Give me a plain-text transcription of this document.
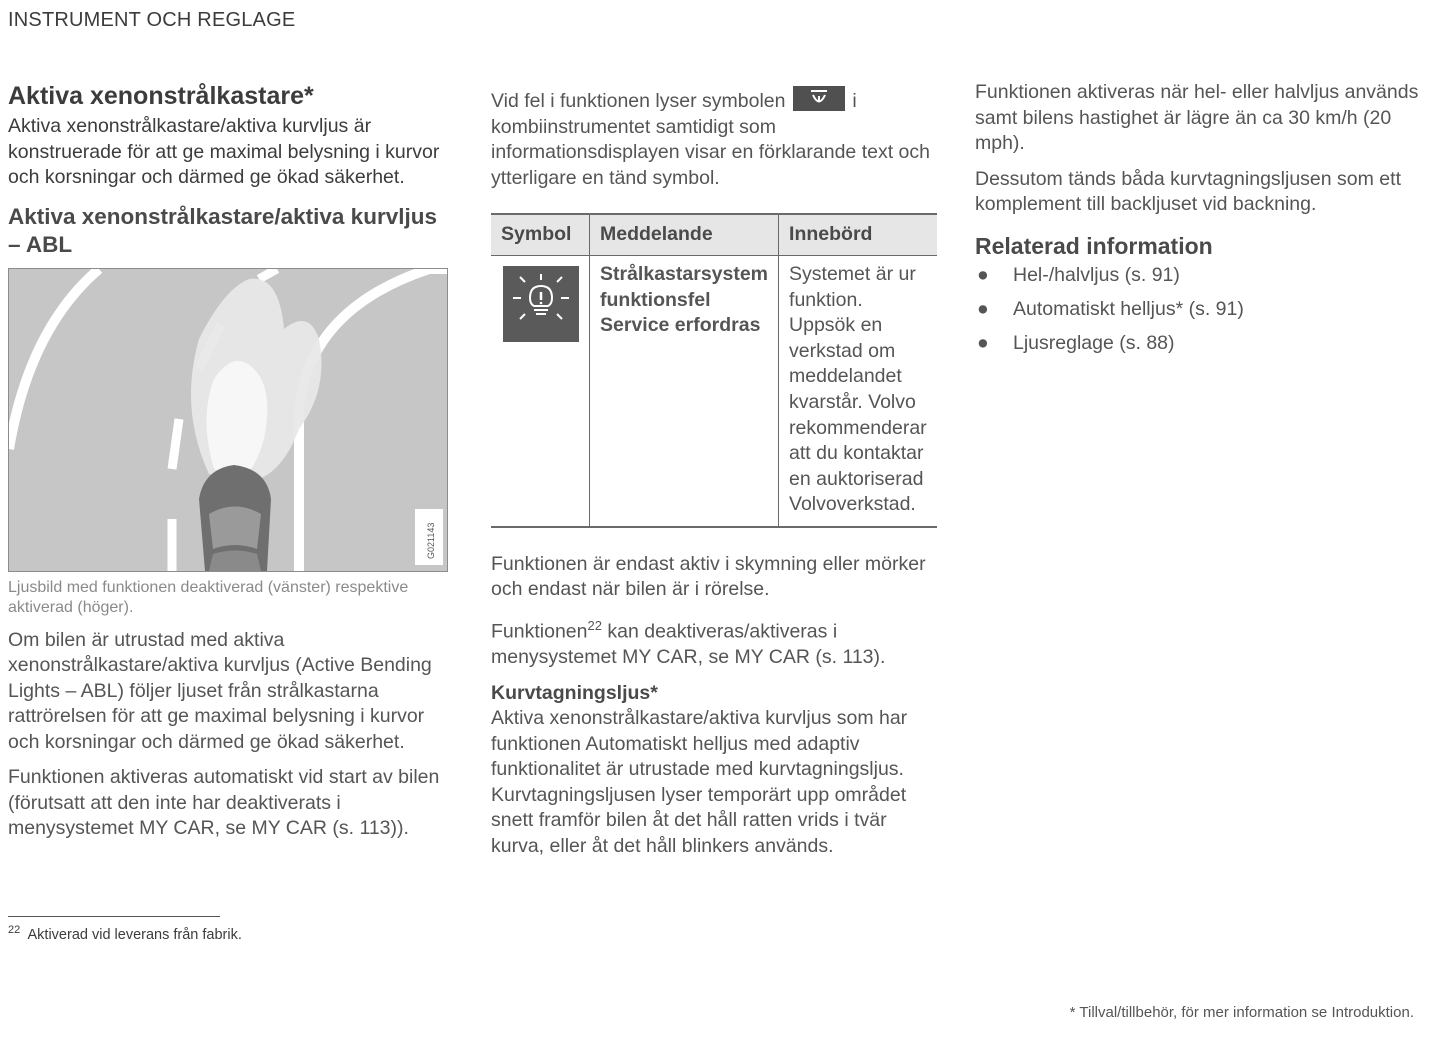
INSTRUMENT OCH REGLAGE
Aktiva xenonstrålkastare*

Aktiva xenonstrålkastare/aktiva kurvljus är konstruerade för att ge maximal belysning i kurvor och korsningar och därmed ge ökad säkerhet.

Aktiva xenonstrålkastare/aktiva kurvljus – ABL
G021143
Ljusbild med funktionen deaktiverad (vänster) respektive aktiverad (höger).

Om bilen är utrustad med aktiva xenonstrålkastare/aktiva kurvljus (Active Bending Lights – ABL) följer ljuset från strålkastarna rattrörelsen för att ge maximal belysning i kurvor och korsningar och därmed ge ökad säkerhet.

Funktionen aktiveras automatiskt vid start av bilen (förutsatt att den inte har deaktiverats i menysystemet MY CAR, se MY CAR (s. 113)).

Vid fel i funktionen lyser symbolen	i kombiinstrumentet samtidigt som informationsdisplayen visar en förklarande text och ytterligare en tänd symbol.

Symbol	Meddelande	Innebörd

	Strålkastarsystem funktionsfel Service erfordras	Systemet är ur funktion. Uppsök en verkstad om meddelandet kvarstår. Volvo rekommenderar att du kontaktar en auktoriserad Volvoverkstad.

Funktionen är endast aktiv i skymning eller mörker och endast när bilen är i rörelse.

Funktionen$^{22}$ kan deaktiveras/aktiveras i menysystemet MY CAR, se MY CAR (s. 113).

Kurvtagningsljus*

Aktiva xenonstrålkastare/aktiva kurvljus som har funktionen Automatiskt helljus med adaptiv funktionalitet är utrustade med kurvtagningsljus. Kurvtagningsljusen lyser temporärt upp området snett framför bilen åt det håll ratten vrids i tvär kurva, eller åt det håll blinkers används.

Funktionen aktiveras när hel- eller halvljus används samt bilens hastighet är lägre än ca 30 km/h (20 mph).

Dessutom tänds båda kurvtagningsljusen som ett komplement till backljuset vid backning.

Relaterad information
● Hel-/halvljus (s. 91)
● Automatiskt helljus* (s. 91)
● Ljusreglage (s. 88)
$^{22}$ Aktiverad vid leverans från fabrik.
* Tillval/tillbehör, för mer information se Introduktion.
